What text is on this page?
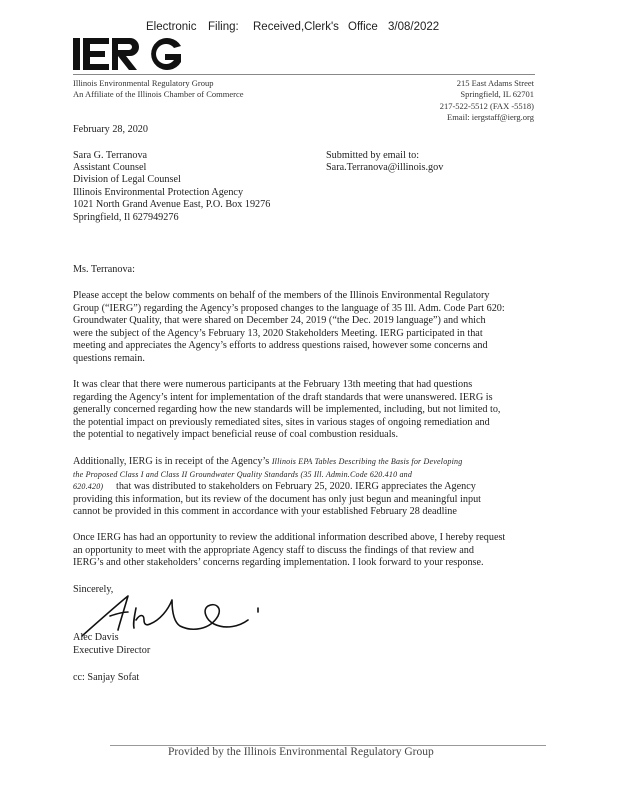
Electronic Filing: Received,Clerk's Office 3/08/2022
Illinois Environmental Regulatory Group
An Affiliate of the Illinois Chamber of Commerce
215 East Adams Street
Springfield, IL 62701
217-522-5512 (FAX -5518)
Email: iergstaff@ierg.org
February 28, 2020
Sara G. Terranova
Assistant Counsel
Division of Legal Counsel
Illinois Environmental Protection Agency
1021 North Grand Avenue East, P.O. Box 19276
Springfield, Il 627949276
Submitted by email to:
Sara.Terranova@illinois.gov
Ms. Terranova:
Please accept the below comments on behalf of the members of the Illinois Environmental Regulatory
Group (“IERG”) regarding the Agency’s proposed changes to the language of 35 Ill. Adm. Code Part 620:
Groundwater Quality, that were shared on December 24, 2019 (“the Dec. 2019 language”) and which
were the subject of the Agency’s February 13, 2020 Stakeholders Meeting. IERG participated in that
meeting and appreciates the Agency’s efforts to address questions raised, however some concerns and
questions remain.
It was clear that there were numerous participants at the February 13th meeting that had questions
regarding the Agency’s intent for implementation of the draft standards that were unanswered. IERG is
generally concerned regarding how the new standards will be implemented, including, but not limited to,
the potential impact on previously remediated sites, sites in various stages of ongoing remediation and
the potential to negatively impact beneficial reuse of coal combustion residuals.
Additionally, IERG is in receipt of the Agency’s Illinois EPA Tables Describing the Basis for Developing
the Proposed Class I and Class II Groundwater Quality Standards (35 Ill. Admin.Code 620.410 and
620.420) that was distributed to stakeholders on February 25, 2020. IERG appreciates the Agency
providing this information, but its review of the document has only just begun and meaningful input
cannot be provided in this comment in accordance with your established February 28 deadline
Once IERG has had an opportunity to review the additional information described above, I hereby request
an opportunity to meet with the appropriate Agency staff to discuss the findings of that review and
IERG’s and other stakeholders’ concerns regarding implementation. I look forward to your response.
Sincerely,
Alec Davis
Executive Director
cc: Sanjay Sofat
Provided by the Illinois Environmental Regulatory Group
